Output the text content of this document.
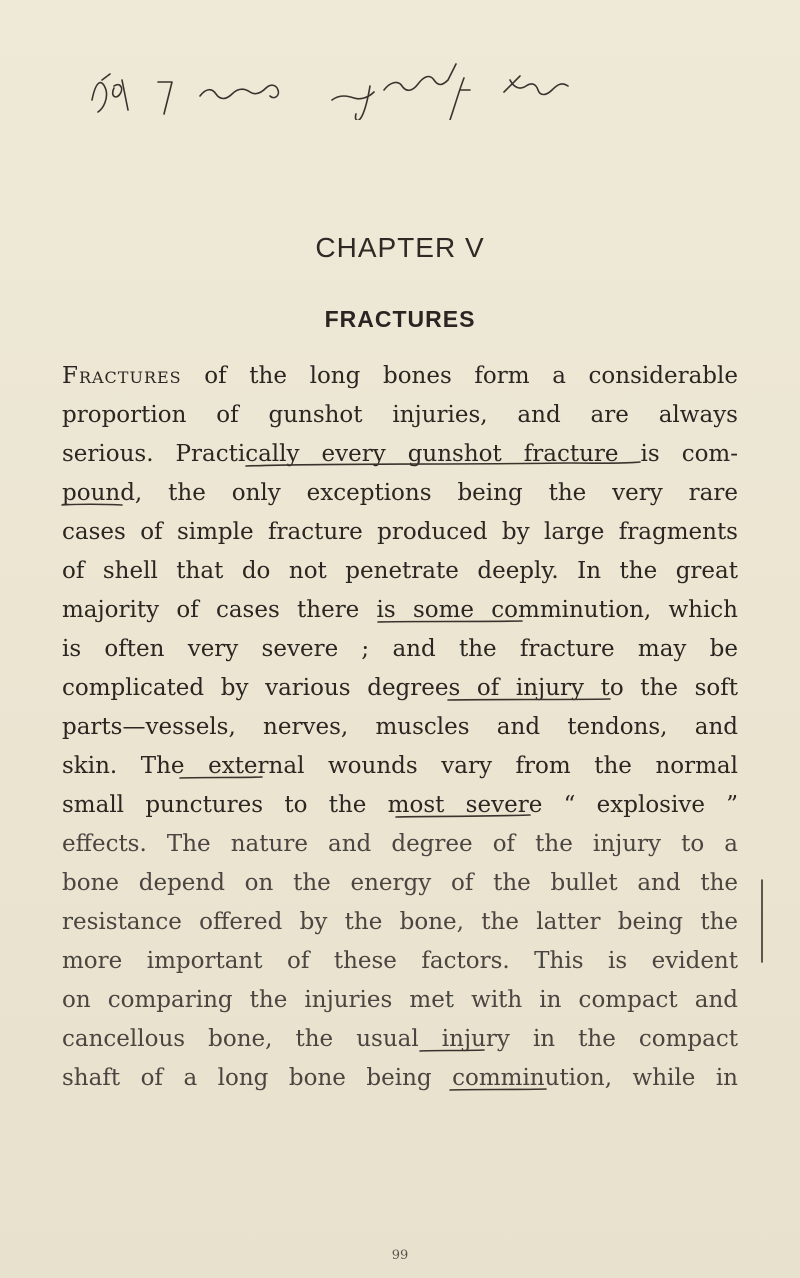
CHAPTER V
FRACTURES
Fractures of the long bones form a considerable
proportion of gunshot injuries, and are always
serious. Practically every gunshot fracture is com-
pound, the only exceptions being the very rare
cases of simple fracture produced by large fragments
of shell that do not penetrate deeply. In the great
majority of cases there is some comminution, which
is often very severe ; and the fracture may be
complicated by various degrees of injury to the soft
parts—vessels, nerves, muscles and tendons, and
skin. The external wounds vary from the normal
small punctures to the most severe “ explosive ”
effects. The nature and degree of the injury to a
bone depend on the energy of the bullet and the
resistance offered by the bone, the latter being the
more important of these factors. This is evident
on comparing the injuries met with in compact and
cancellous bone, the usual injury in the compact
shaft of a long bone being comminution, while in
99
